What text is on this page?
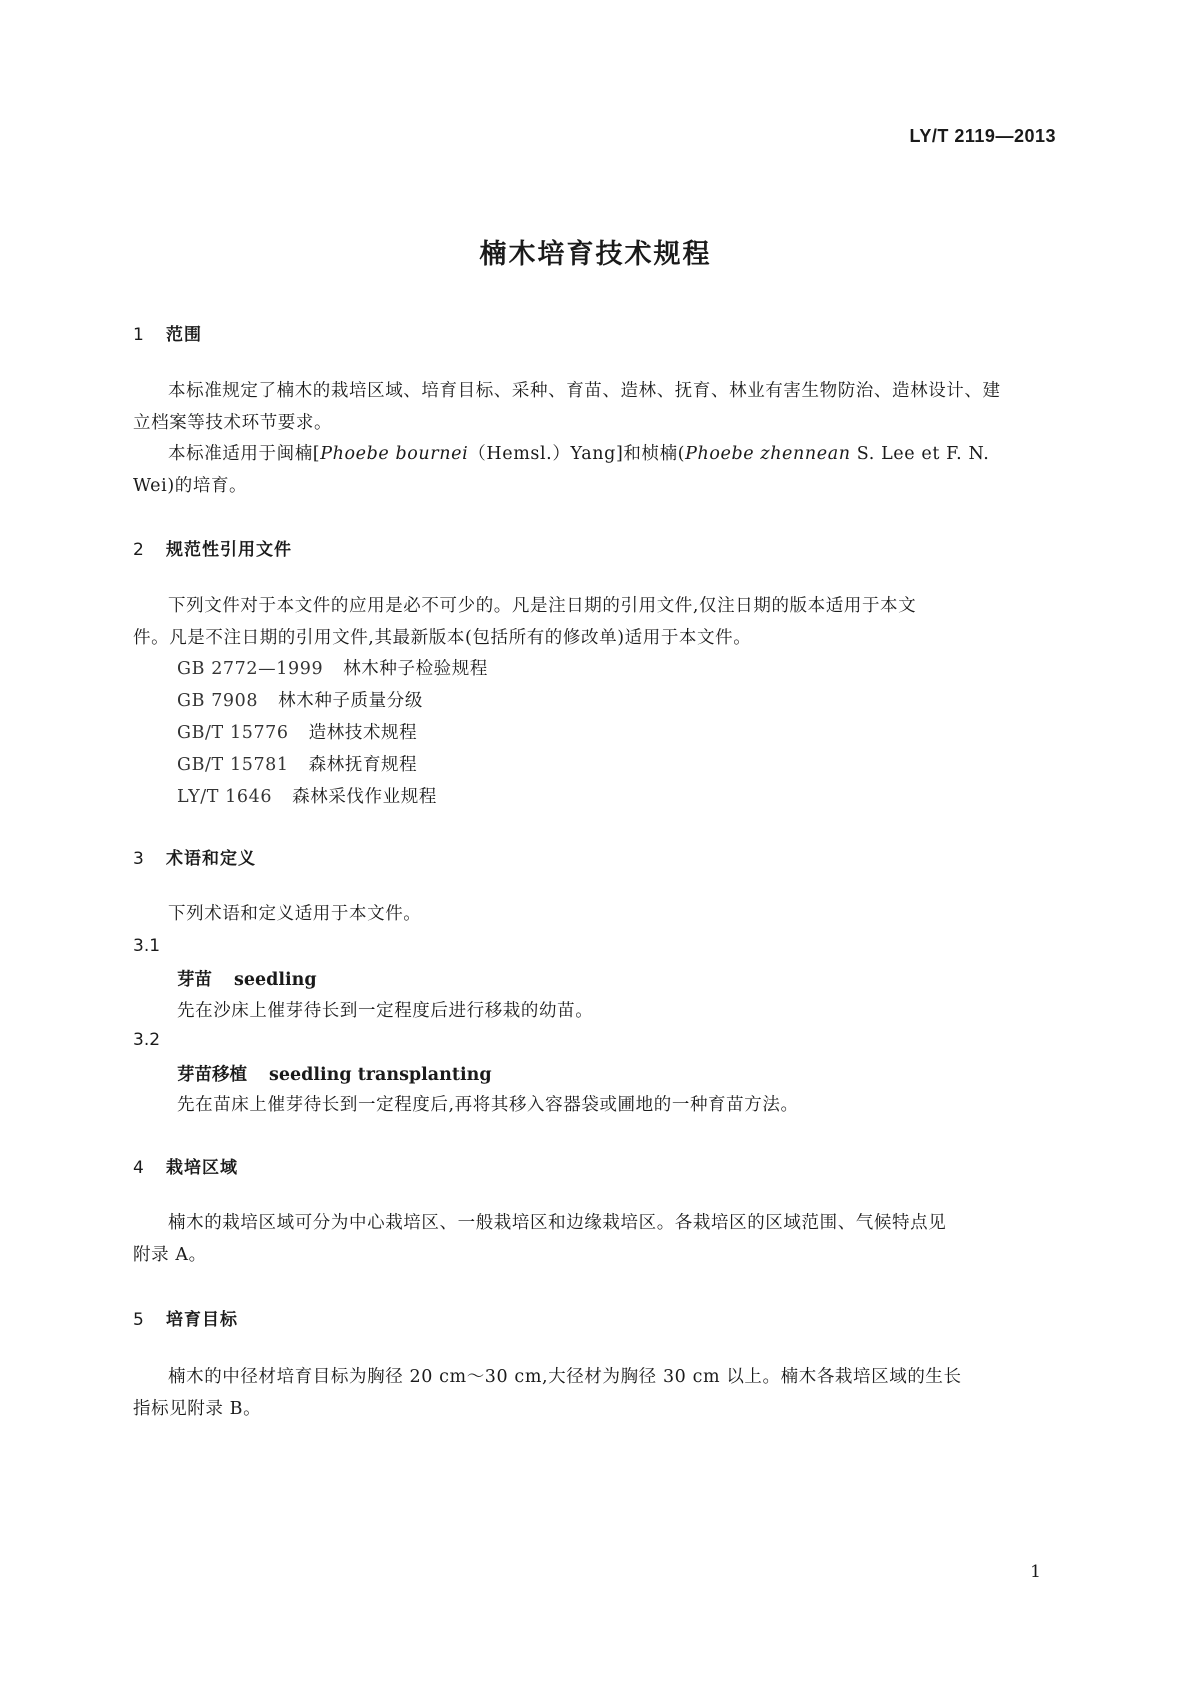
LY/T 2119—2013
楠木培育技术规程
1 范围
本标准规定了楠木的栽培区域、培育目标、采种、育苗、造林、抚育、林业有害生物防治、造林设计、建
立档案等技术环节要求。
本标准适用于闽楠[Phoebe bournei（Hemsl.）Yang]和桢楠(Phoebe zhennean S. Lee et F. N.
Wei)的培育。
2 规范性引用文件
下列文件对于本文件的应用是必不可少的。凡是注日期的引用文件,仅注日期的版本适用于本文
件。凡是不注日期的引用文件,其最新版本(包括所有的修改单)适用于本文件。
GB 2772—1999 林木种子检验规程
GB 7908 林木种子质量分级
GB/T 15776 造林技术规程
GB/T 15781 森林抚育规程
LY/T 1646 森林采伐作业规程
3 术语和定义
下列术语和定义适用于本文件。
3.1
芽苗 seedling
先在沙床上催芽待长到一定程度后进行移栽的幼苗。
3.2
芽苗移植 seedling transplanting
先在苗床上催芽待长到一定程度后,再将其移入容器袋或圃地的一种育苗方法。
4 栽培区域
楠木的栽培区域可分为中心栽培区、一般栽培区和边缘栽培区。各栽培区的区域范围、气候特点见
附录 A。
5 培育目标
楠木的中径材培育目标为胸径 20 cm～30 cm,大径材为胸径 30 cm 以上。楠木各栽培区域的生长
指标见附录 B。
1
